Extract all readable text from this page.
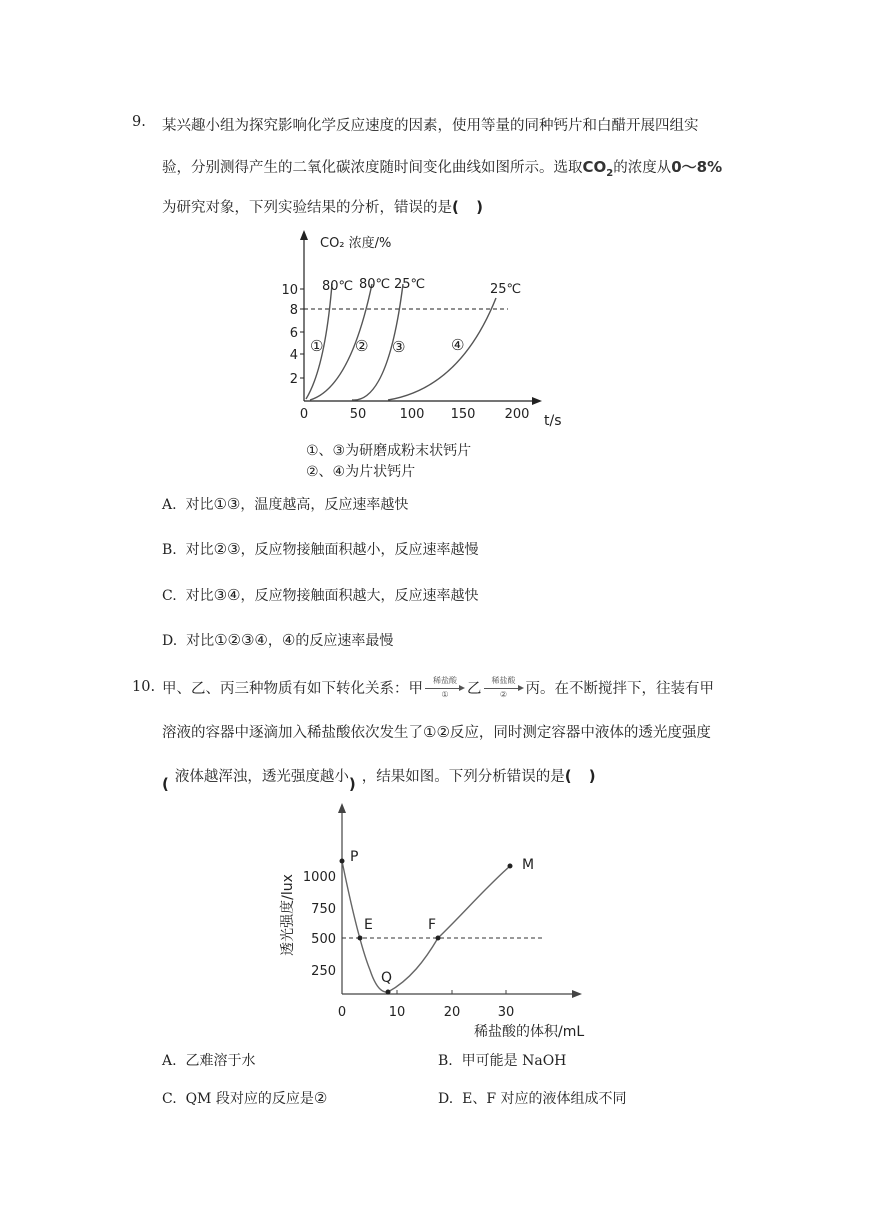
9. 某兴趣小组为探究影响化学反应速度的因素，使用等量的同种钙片和白醋开展四组实
验，分别测得产生的二氧化碳浓度随时间变化曲线如图所示。选取$CO_2$的浓度从0～8%
为研究对象，下列实验结果的分析，错误的是( )
CO₂ 浓度/%
t/s
2
4
6
8
10
0	50	100 150 200
① ② ③	④
80℃ 80℃ 25℃	25℃
①、③为研磨成粉末状钙片
②、④为片状钙片
A. 对比①③，温度越高，反应速率越快
B. 对比②③，反应物接触面积越小，反应速率越慢
C. 对比③④，反应物接触面积越大，反应速率越快
D. 对比①②③④，④的反应速率最慢
10. 甲、乙、丙三种物质有如下转化关系：甲
稀盐酸
①	乙
稀盐酸
②	丙。在不断搅拌下，往装有甲
溶液的容器中逐滴加入稀盐酸依次发生了①②反应，同时测定容器中液体的透光度强度
(液体越浑浊，透光强度越小)，结果如图。下列分析错误的是( )
透光强度/lux
稀盐酸的体积/mL
250
500
750
1000
0	10	20	30
P
E
Q
F
M
A. 乙难溶于水	B. 甲可能是 NaOH
C. QM 段对应的反应是②	D. E、F 对应的液体组成不同
